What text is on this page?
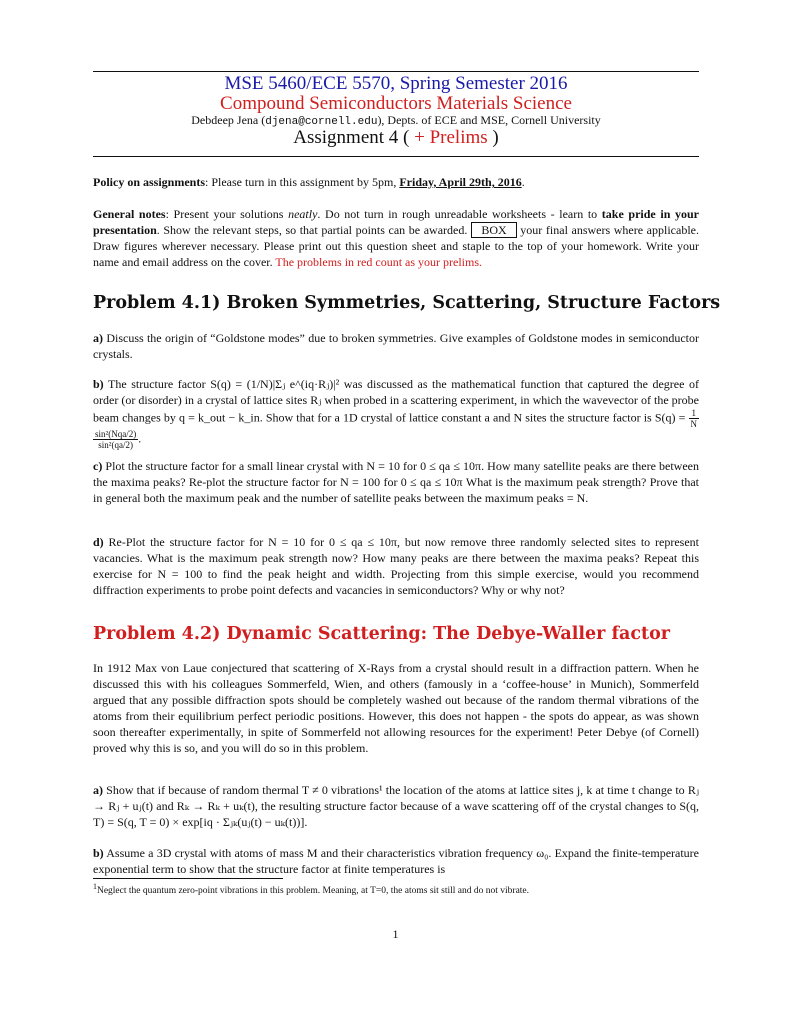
MSE 5460/ECE 5570, Spring Semester 2016
Compound Semiconductors Materials Science
Debdeep Jena (djena@cornell.edu), Depts. of ECE and MSE, Cornell University
Assignment 4 ( + Prelims )

Policy on assignments: Please turn in this assignment by 5pm, Friday, April 29th, 2016.

General notes: Present your solutions neatly. Do not turn in rough unreadable worksheets - learn to take pride in your presentation. Show the relevant steps, so that partial points can be awarded. BOX your final answers where applicable. Draw figures wherever necessary. Please print out this question sheet and staple to the top of your homework. Write your name and email address on the cover. The problems in red count as your prelims.

Problem 4.1) Broken Symmetries, Scattering, Structure Factors

a) Discuss the origin of “Goldstone modes” due to broken symmetries. Give examples of Goldstone modes in semiconductor crystals.

b) The structure factor S(q) = (1/N)|Σⱼ e^(iq·Rⱼ)|² was discussed as the mathematical function that captured the degree of order (or disorder) in a crystal of lattice sites Rⱼ when probed in a scattering experiment, in which the wavevector of the probe beam changes by q = k_out − k_in. Show that for a 1D crystal of lattice constant a and N sites the structure factor is $S(q) = \frac{1}{N}$

$\frac{\text{sin²(Nqa/2)}}{\text{sin²(qa/2)}}$ .

c) Plot the structure factor for a small linear crystal with N = 10 for 0 ≤ qa ≤ 10π. How many satellite peaks are there between the maxima peaks? Re-plot the structure factor for N = 100 for 0 ≤ qa ≤ 10π What is the maximum peak strength? Prove that in general both the maximum peak and the number of satellite peaks between the maximum peaks = N.

d) Re-Plot the structure factor for N = 10 for 0 ≤ qa ≤ 10π, but now remove three randomly selected sites to represent vacancies. What is the maximum peak strength now? How many peaks are there between the maxima peaks? Repeat this exercise for N = 100 to find the peak height and width. Projecting from this simple exercise, would you recommend diffraction experiments to probe point defects and vacancies in semiconductors? Why or why not?

Problem 4.2) Dynamic Scattering: The Debye-Waller factor

In 1912 Max von Laue conjectured that scattering of X-Rays from a crystal should result in a diffraction pattern. When he discussed this with his colleagues Sommerfeld, Wien, and others (famously in a ‘coffee-house’ in Munich), Sommerfeld argued that any possible diffraction spots should be completely washed out because of the random thermal vibrations of the atoms from their equilibrium perfect periodic positions. However, this does not happen - the spots do appear, as was shown soon thereafter experimentally, in spite of Sommerfeld not allowing resources for the experiment! Peter Debye (of Cornell) proved why this is so, and you will do so in this problem.

a) Show that if because of random thermal T ≠ 0 vibrations¹ the location of the atoms at lattice sites j, k at time t change to Rⱼ → Rⱼ + uⱼ(t) and Rₖ → Rₖ + uₖ(t), the resulting structure factor because of a wave scattering off of the crystal changes to S(q, T) = S(q, T = 0) × exp[iq · Σⱼₖ(uⱼ(t) − uₖ(t))].

b) Assume a 3D crystal with atoms of mass M and their characteristics vibration frequency ω₀. Expand the finite-temperature exponential term to show that the structure factor at finite temperatures is

$^1$Neglect the quantum zero-point vibrations in this problem. Meaning, at T=0, the atoms sit still and do not vibrate.
1
